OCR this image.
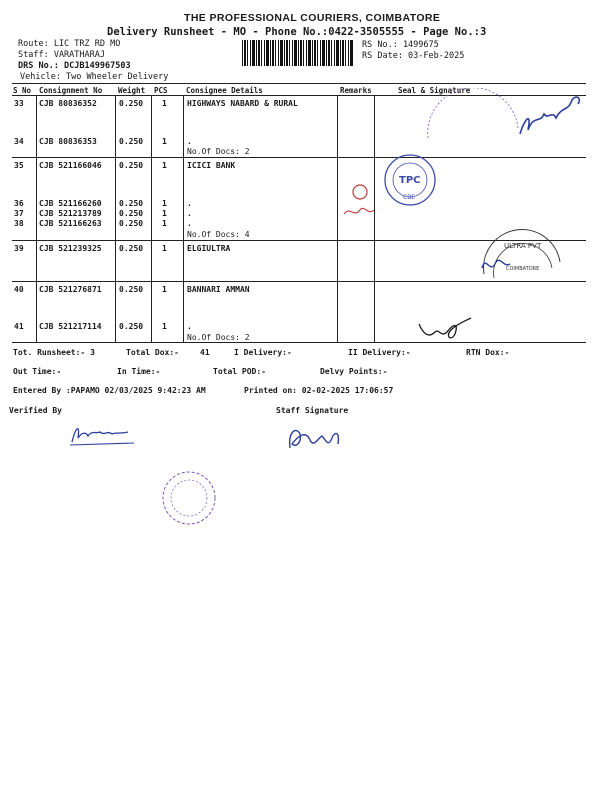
THE PROFESSIONAL COURIERS, COIMBATORE
Delivery Runsheet - MO - Phone No.:0422-3505555 - Page No.:3
Route: LIC TRZ RD MO
Staff: VARATHARAJ
DRS No.: DCJB149967503
Vehicle: Two Wheeler Delivery
RS No.: 1499675
RS Date: 03-Feb-2025
S No Consignment No Weight PCS Consignee Details	Remarks	Seal & Signature
33 CJB 80836352	0.250 1	HIGHWAYS NABARD & RURAL
34 CJB 80836353	0.250 1	.
No.Of Docs: 2
35 CJB 521166046 0.250 1	ICICI BANK
36 CJB 521166260 0.250 1	.
37 CJB 521213789 0.250 1	.
38 CJB 521166263 0.250 1	.
No.Of Docs: 4
39 CJB 521239325 0.250 1	ELGIULTRA
40 CJB 521276871 0.250 1	BANNARI AMMAN
41 CJB 521217114 0.250 1	.
No.Of Docs: 2
Tot. Runsheet:- 3	Total Dox:-	41	I Delivery:-	II Delivery:-	RTN Dox:-
Out Time:-	In Time:-	Total POD:-	Delvy Points:-
Entered By :PAPAMO 02/03/2025 9:42:23 AM	Printed on: 02-02-2025 17:06:57
Verified By	Staff Signature
TPC
CBE
ULTRA PVT
COIMBATORE
